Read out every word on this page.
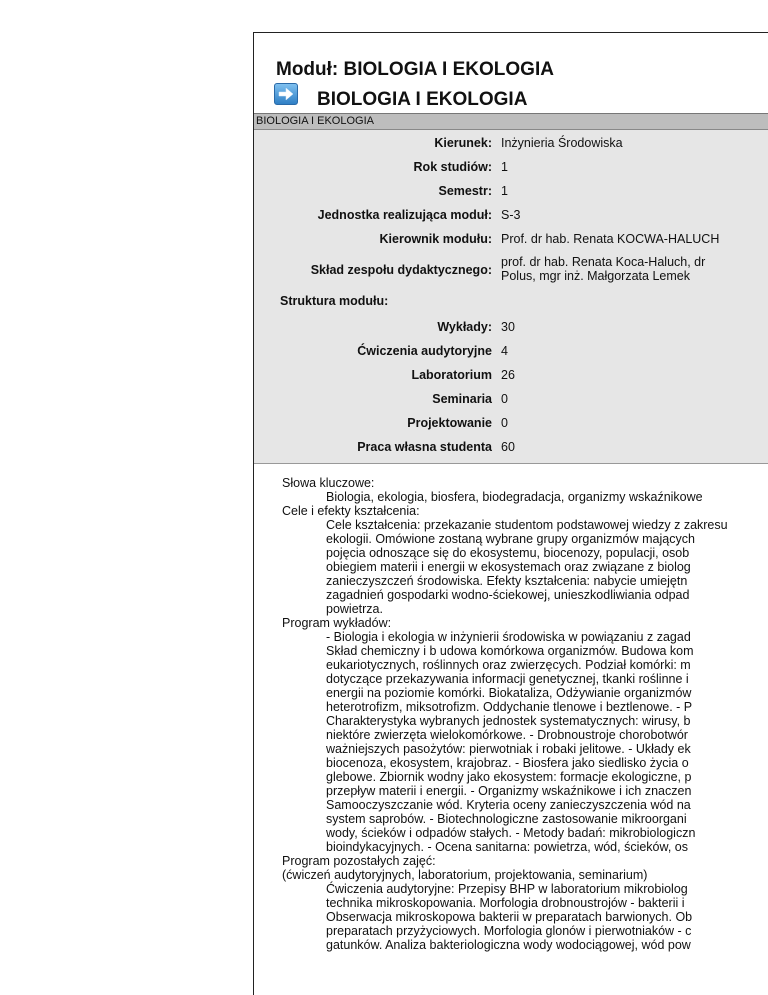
Moduł: BIOLOGIA I EKOLOGIA
BIOLOGIA I EKOLOGIA
BIOLOGIA I EKOLOGIA
Kierunek: Inżynieria Środowiska
Rok studiów: 1
Semestr: 1
Jednostka realizująca moduł: S-3
Kierownik modułu: Prof. dr hab. Renata KOCWA-HALUCH
Skład zespołu dydaktycznego:
prof. dr hab. Renata Koca-Haluch, dr
Polus, mgr inż. Małgorzata Lemek
Struktura modułu:
Wykłady: 30
Ćwiczenia audytoryjne 4
Laboratorium 26
Seminaria 0
Projektowanie 0
Praca własna studenta 60
Słowa kluczowe:
Biologia, ekologia, biosfera, biodegradacja, organizmy wskaźnikowe
Cele i efekty kształcenia:
Cele kształcenia: przekazanie studentom podstawowej wiedzy z zakresu
ekologii. Omówione zostaną wybrane grupy organizmów mających
pojęcia odnoszące się do ekosystemu, biocenozy, populacji, osob
obiegiem materii i energii w ekosystemach oraz związane z biolog
zanieczyszczeń środowiska. Efekty kształcenia: nabycie umiejętn
zagadnień gospodarki wodno-ściekowej, unieszkodliwiania odpad
powietrza.
Program wykładów:
- Biologia i ekologia w inżynierii środowiska w powiązaniu z zagad
Skład chemiczny i b udowa komórkowa organizmów. Budowa kom
eukariotycznych, roślinnych oraz zwierzęcych. Podział komórki: m
dotyczące przekazywania informacji genetycznej, tkanki roślinne i
energii na poziomie komórki. Biokataliza, Odżywianie organizmów
heterotrofizm, miksotrofizm. Oddychanie tlenowe i beztlenowe. - P
Charakterystyka wybranych jednostek systematycznych: wirusy, b
niektóre zwierzęta wielokomórkowe. - Drobnoustroje chorobotwór
ważniejszych pasożytów: pierwotniak i robaki jelitowe. - Układy ek
biocenoza, ekosystem, krajobraz. - Biosfera jako siedlisko życia o
glebowe. Zbiornik wodny jako ekosystem: formacje ekologiczne, p
przepływ materii i energii. - Organizmy wskaźnikowe i ich znaczen
Samooczyszczanie wód. Kryteria oceny zanieczyszczenia wód na
system saprobów. - Biotechnologiczne zastosowanie mikroorgani
wody, ścieków i odpadów stałych. - Metody badań: mikrobiologiczn
bioindykacyjnych. - Ocena sanitarna: powietrza, wód, ścieków, os
Program pozostałych zajęć:
(ćwiczeń audytoryjnych, laboratorium, projektowania, seminarium)
Ćwiczenia audytoryjne: Przepisy BHP w laboratorium mikrobiolog
technika mikroskopowania. Morfologia drobnoustrojów - bakterii i
Obserwacja mikroskopowa bakterii w preparatach barwionych. Ob
preparatach przyżyciowych. Morfologia glonów i pierwotniaków - c
gatunków. Analiza bakteriologiczna wody wodociągowej, wód pow
